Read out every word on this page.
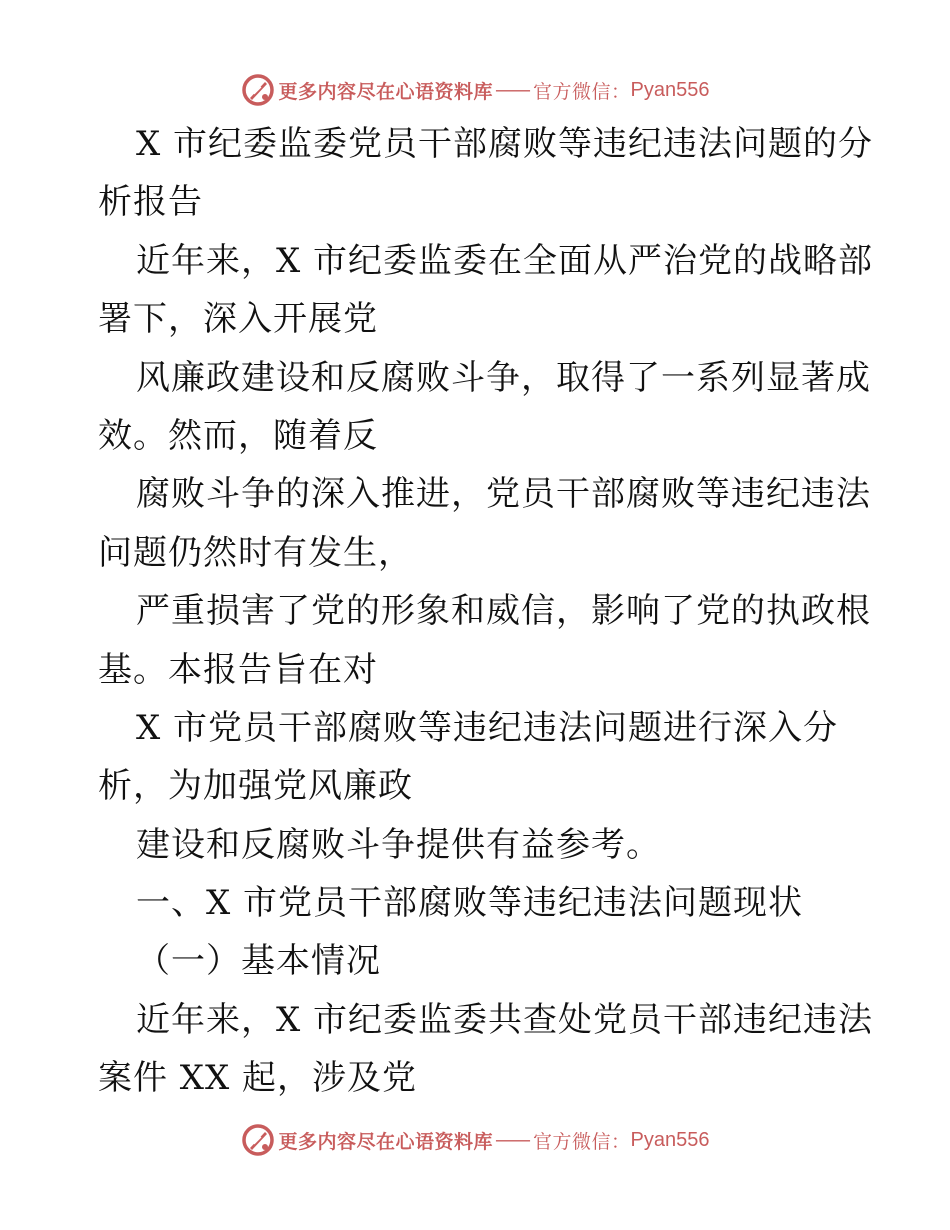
更多内容尽在心语资料库 —— 官方微信： Pyan556
X 市纪委监委党员干部腐败等违纪违法问题的分
析报告
近年来，X 市纪委监委在全面从严治党的战略部
署下，深入开展党
风廉政建设和反腐败斗争，取得了一系列显著成
效。然而，随着反
腐败斗争的深入推进，党员干部腐败等违纪违法
问题仍然时有发生，
严重损害了党的形象和威信，影响了党的执政根
基。本报告旨在对
X 市党员干部腐败等违纪违法问题进行深入分
析，为加强党风廉政
建设和反腐败斗争提供有益参考。
一、X 市党员干部腐败等违纪违法问题现状
（一）基本情况
近年来，X 市纪委监委共查处党员干部违纪违法
案件 XX 起，涉及党
更多内容尽在心语资料库 —— 官方微信： Pyan556
